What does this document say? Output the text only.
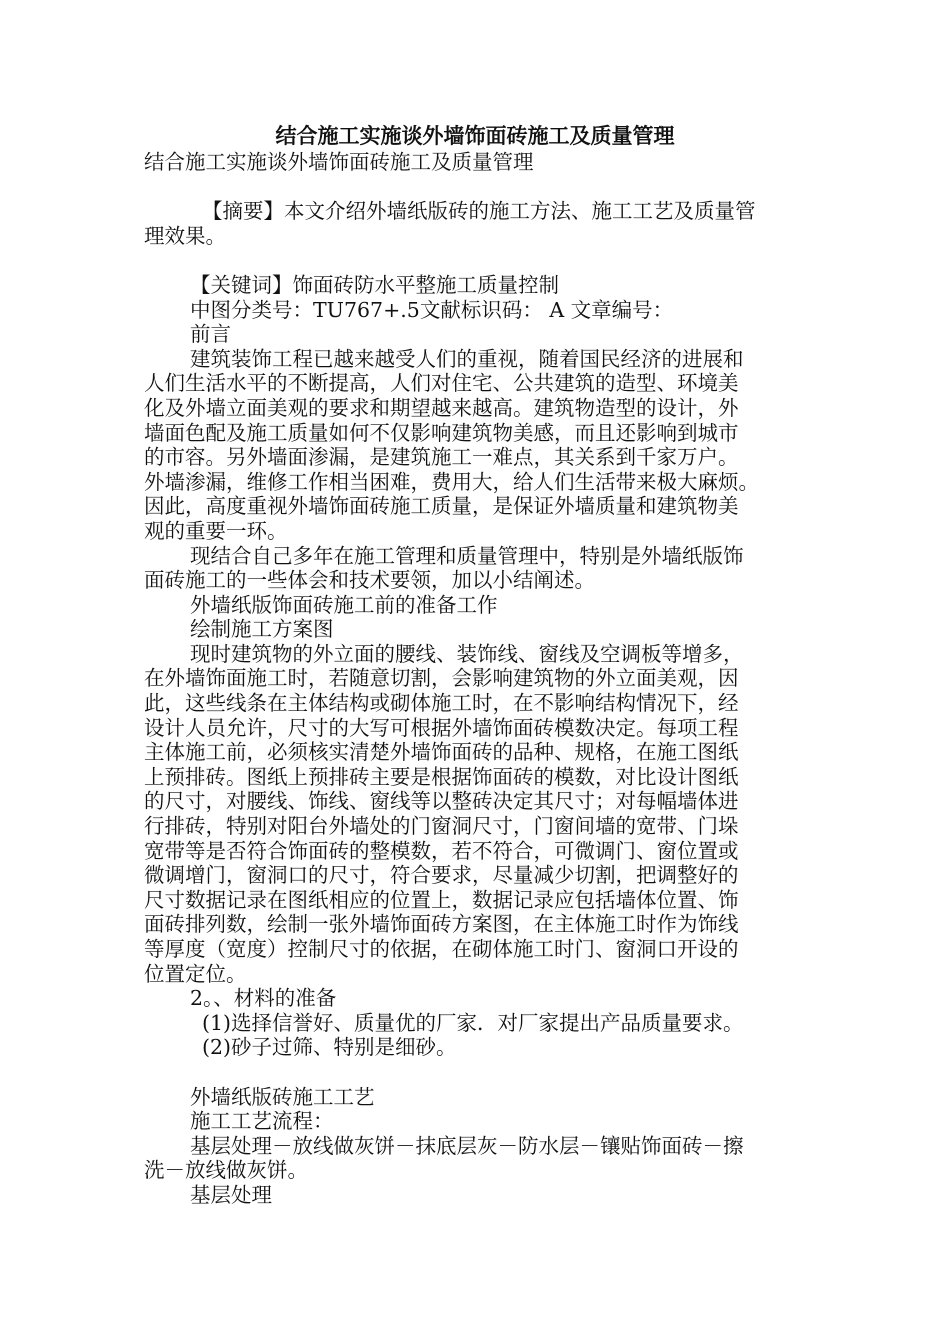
结合施工实施谈外墙饰面砖施工及质量管理

结合施工实施谈外墙饰面砖施工及质量管理

【摘要】本文介绍外墙纸版砖的施工方法、施工工艺及质量管

理效果。

【关键词】饰面砖防水平整施工质量控制

中图分类号：TU767+.5文献标识码： A 文章编号：

前言

建筑装饰工程已越来越受人们的重视，随着国民经济的进展和

人们生活水平的不断提高，人们对住宅、公共建筑的造型、环境美

化及外墙立面美观的要求和期望越来越高。建筑物造型的设计，外

墙面色配及施工质量如何不仅影响建筑物美感，而且还影响到城市

的市容。另外墙面渗漏，是建筑施工一难点，其关系到千家万户。

外墙渗漏，维修工作相当困难，费用大，给人们生活带来极大麻烦。

因此，高度重视外墙饰面砖施工质量，是保证外墙质量和建筑物美

观的重要一环。

现结合自己多年在施工管理和质量管理中，特别是外墙纸版饰

面砖施工的一些体会和技术要领，加以小结阐述。

外墙纸版饰面砖施工前的准备工作

绘制施工方案图

现时建筑物的外立面的腰线、装饰线、窗线及空调板等增多，

在外墙饰面施工时，若随意切割，会影响建筑物的外立面美观，因

此，这些线条在主体结构或砌体施工时，在不影响结构情况下，经

设计人员允许，尺寸的大写可根据外墙饰面砖模数决定。每项工程

主体施工前，必须核实清楚外墙饰面砖的品种、规格，在施工图纸

上预排砖。图纸上预排砖主要是根据饰面砖的模数，对比设计图纸

的尺寸，对腰线、饰线、窗线等以整砖决定其尺寸；对每幅墙体进

行排砖，特别对阳台外墙处的门窗洞尺寸，门窗间墙的宽带、门垛

宽带等是否符合饰面砖的整模数，若不符合，可微调门、窗位置或

微调增门，窗洞口的尺寸，符合要求，尽量减少切割，把调整好的

尺寸数据记录在图纸相应的位置上，数据记录应包括墙体位置、饰

面砖排列数，绘制一张外墙饰面砖方案图，在主体施工时作为饰线

等厚度（宽度）控制尺寸的依据，在砌体施工时门、窗洞口开设的

位置定位。

2。、材料的准备

(1)选择信誉好、质量优的厂家．对厂家提出产品质量要求。

(2)砂子过筛、特别是细砂。

外墙纸版砖施工工艺

施工工艺流程：

基层处理－放线做灰饼－抹底层灰－防水层－镶贴饰面砖－擦

洗－放线做灰饼。

基层处理
